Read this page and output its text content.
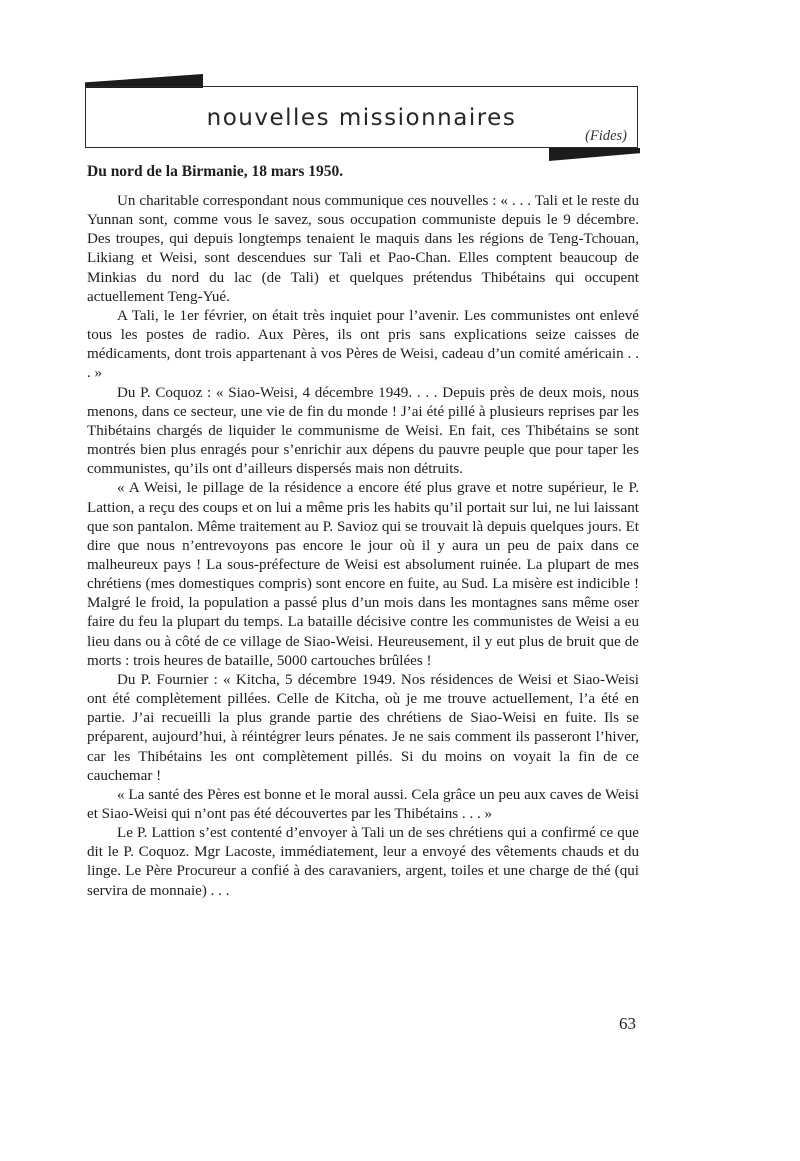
nouvelles missionnaires
(Fides)
Du nord de la Birmanie, 18 mars 1950.

Un charitable correspondant nous communique ces nouvelles : « . . . Tali et le reste du Yunnan sont, comme vous le savez, sous occupation communiste depuis le 9 décembre. Des troupes, qui depuis longtemps tenaient le maquis dans les régions de Teng-Tchouan, Likiang et Weisi, sont descendues sur Tali et Pao-Chan. Elles comptent beaucoup de Minkias du nord du lac (de Tali) et quelques prétendus Thibétains qui occupent actuellement Teng-Yué.

A Tali, le 1er février, on était très inquiet pour l’avenir. Les communistes ont enlevé tous les postes de radio. Aux Pères, ils ont pris sans explications seize caisses de médicaments, dont trois appartenant à vos Pères de Weisi, cadeau d’un comité américain . . . »

Du P. Coquoz : « Siao-Weisi, 4 décembre 1949. . . . Depuis près de deux mois, nous menons, dans ce secteur, une vie de fin du monde ! J’ai été pillé à plusieurs reprises par les Thibétains chargés de liquider le communisme de Weisi. En fait, ces Thibétains se sont montrés bien plus enragés pour s’enrichir aux dépens du pauvre peuple que pour taper les communistes, qu’ils ont d’ailleurs dispersés mais non détruits.

« A Weisi, le pillage de la résidence a encore été plus grave et notre supérieur, le P. Lattion, a reçu des coups et on lui a même pris les habits qu’il portait sur lui, ne lui laissant que son pantalon. Même traitement au P. Savioz qui se trouvait là depuis quelques jours. Et dire que nous n’entrevoyons pas encore le jour où il y aura un peu de paix dans ce malheureux pays ! La sous-préfecture de Weisi est absolument ruinée. La plupart de mes chrétiens (mes domestiques compris) sont encore en fuite, au Sud. La misère est indicible ! Malgré le froid, la population a passé plus d’un mois dans les montagnes sans même oser faire du feu la plupart du temps. La bataille décisive contre les communistes de Weisi a eu lieu dans ou à côté de ce village de Siao-Weisi. Heureusement, il y eut plus de bruit que de morts : trois heures de bataille, 5000 cartouches brûlées !

Du P. Fournier : « Kitcha, 5 décembre 1949. Nos résidences de Weisi et Siao-Weisi ont été complètement pillées. Celle de Kitcha, où je me trouve actuellement, l’a été en partie. J’ai recueilli la plus grande partie des chrétiens de Siao-Weisi en fuite. Ils se préparent, aujourd’hui, à réintégrer leurs pénates. Je ne sais comment ils passeront l’hiver, car les Thibétains les ont complètement pillés. Si du moins on voyait la fin de ce cauchemar !

« La santé des Pères est bonne et le moral aussi. Cela grâce un peu aux caves de Weisi et Siao-Weisi qui n’ont pas été découvertes par les Thibétains . . . »

Le P. Lattion s’est contenté d’envoyer à Tali un de ses chrétiens qui a confirmé ce que dit le P. Coquoz. Mgr Lacoste, immédiatement, leur a envoyé des vêtements chauds et du linge. Le Père Procureur a confié à des caravaniers, argent, toiles et une charge de thé (qui servira de monnaie) . . .

63
